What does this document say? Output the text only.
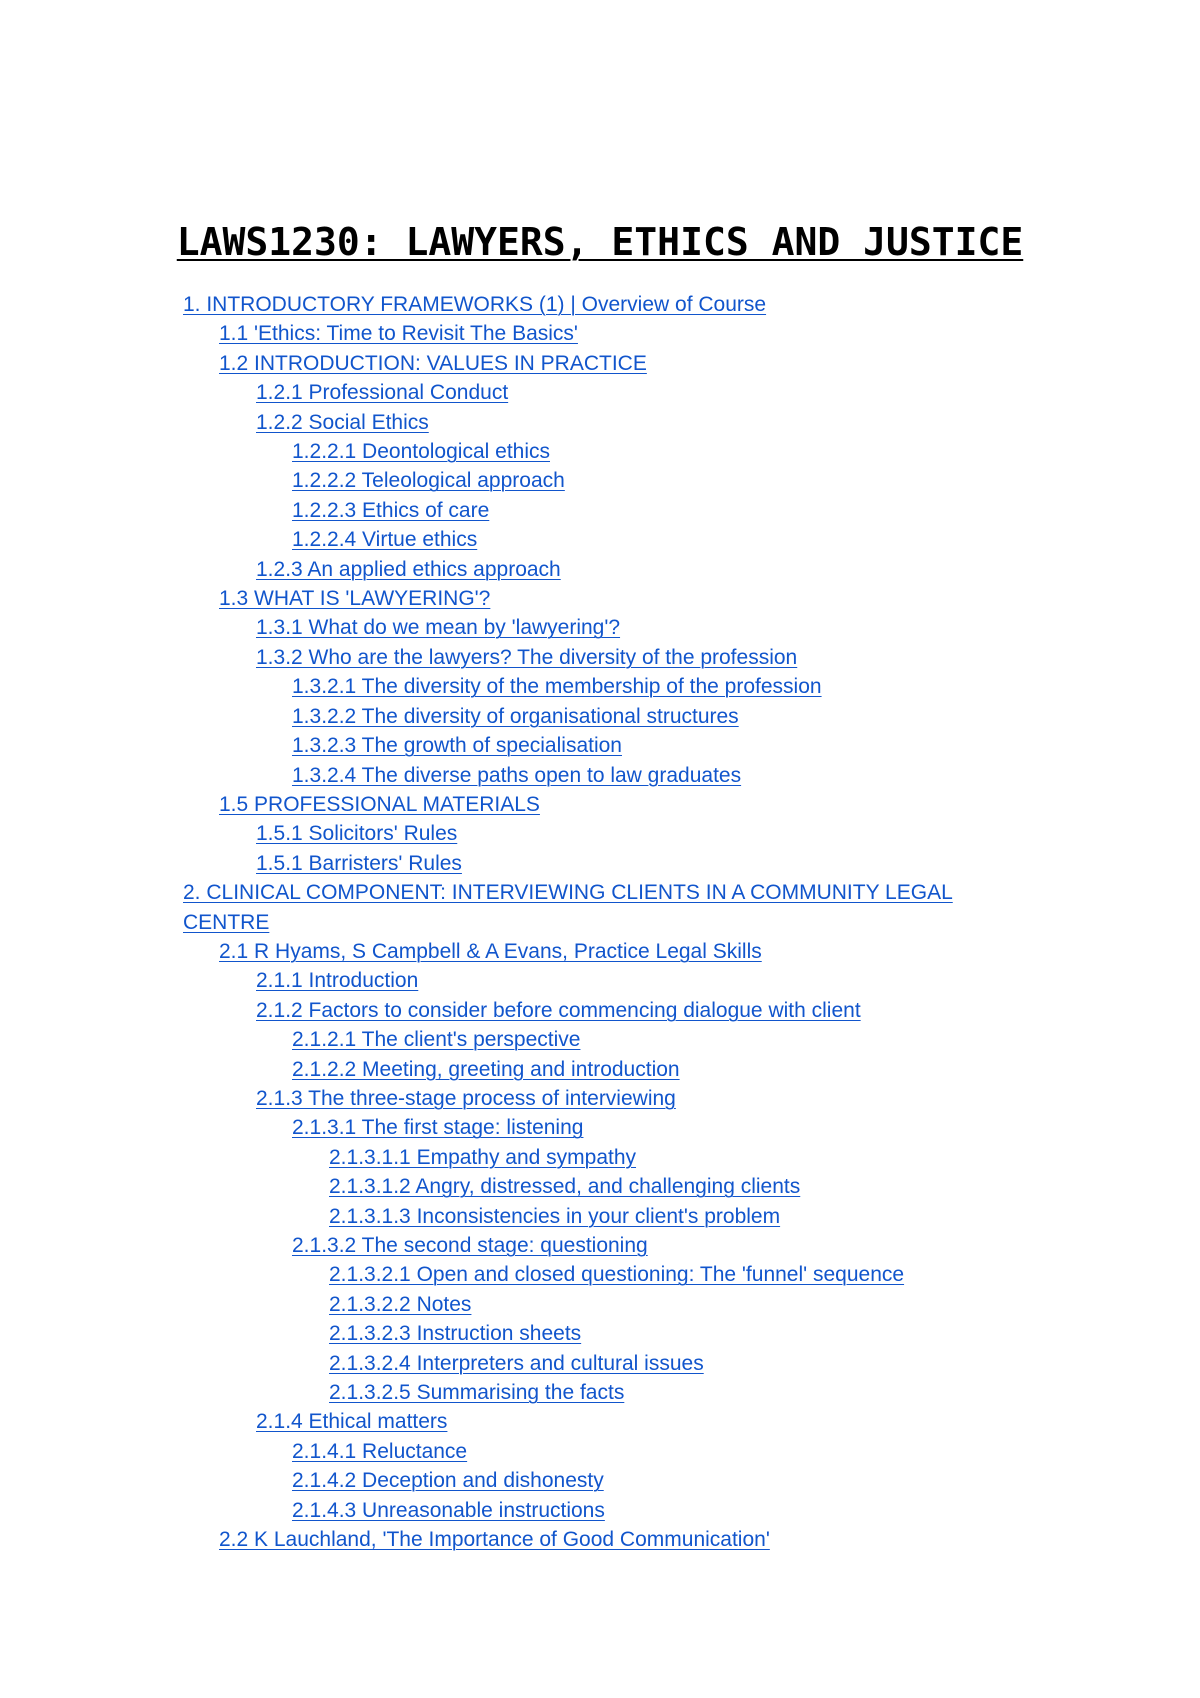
LAWS1230: LAWYERS, ETHICS AND JUSTICE
1. INTRODUCTORY FRAMEWORKS (1) | Overview of Course
1.1 'Ethics: Time to Revisit The Basics'
1.2 INTRODUCTION: VALUES IN PRACTICE
1.2.1 Professional Conduct
1.2.2 Social Ethics
1.2.2.1 Deontological ethics
1.2.2.2 Teleological approach
1.2.2.3 Ethics of care
1.2.2.4 Virtue ethics
1.2.3 An applied ethics approach
1.3 WHAT IS 'LAWYERING'?
1.3.1 What do we mean by 'lawyering'?
1.3.2 Who are the lawyers? The diversity of the profession
1.3.2.1 The diversity of the membership of the profession
1.3.2.2 The diversity of organisational structures
1.3.2.3 The growth of specialisation
1.3.2.4 The diverse paths open to law graduates
1.5 PROFESSIONAL MATERIALS
1.5.1 Solicitors' Rules
1.5.1 Barristers' Rules
2. CLINICAL COMPONENT: INTERVIEWING CLIENTS IN A COMMUNITY LEGAL CENTRE
2.1 R Hyams, S Campbell & A Evans, Practice Legal Skills
2.1.1 Introduction
2.1.2 Factors to consider before commencing dialogue with client
2.1.2.1 The client's perspective
2.1.2.2 Meeting, greeting and introduction
2.1.3 The three-stage process of interviewing
2.1.3.1 The first stage: listening
2.1.3.1.1 Empathy and sympathy
2.1.3.1.2 Angry, distressed, and challenging clients
2.1.3.1.3 Inconsistencies in your client's problem
2.1.3.2 The second stage: questioning
2.1.3.2.1 Open and closed questioning: The 'funnel' sequence
2.1.3.2.2 Notes
2.1.3.2.3 Instruction sheets
2.1.3.2.4 Interpreters and cultural issues
2.1.3.2.5 Summarising the facts
2.1.4 Ethical matters
2.1.4.1 Reluctance
2.1.4.2 Deception and dishonesty
2.1.4.3 Unreasonable instructions
2.2 K Lauchland, 'The Importance of Good Communication'
